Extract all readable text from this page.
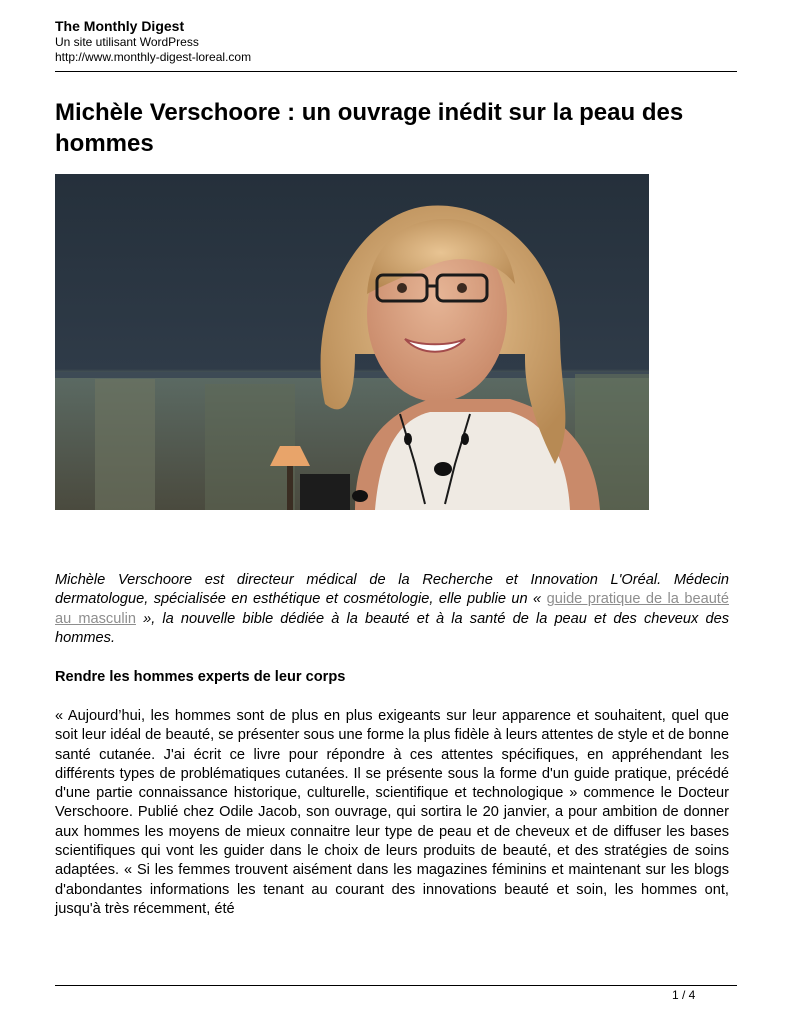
The Monthly Digest
Un site utilisant WordPress
http://www.monthly-digest-loreal.com
Michèle Verschoore : un ouvrage inédit sur la peau des hommes
Michèle Verschoore est directeur médical de la Recherche et Innovation L'Oréal. Médecin dermatologue, spécialisée en esthétique et cosmétologie, elle publie un « guide pratique de la beauté au masculin », la nouvelle bible dédiée à la beauté et à la santé de la peau et des cheveux des hommes.
Rendre les hommes experts de leur corps
« Aujourd’hui, les hommes sont de plus en plus exigeants sur leur apparence et souhaitent, quel que soit leur idéal de beauté, se présenter sous une forme la plus fidèle à leurs attentes de style et de bonne santé cutanée. J'ai écrit ce livre pour répondre à ces attentes spécifiques, en appréhendant les différents types de problématiques cutanées. Il se présente sous la forme d'un guide pratique, précédé d'une partie connaissance historique, culturelle, scientifique et technologique » commence le Docteur Verschoore. Publié chez Odile Jacob, son ouvrage, qui sortira le 20 janvier, a pour ambition de donner aux hommes les moyens de mieux connaitre leur type de peau et de cheveux et de diffuser les bases scientifiques qui vont les guider dans le choix de leurs produits de beauté, et des stratégies de soins adaptées. « Si les femmes trouvent aisément dans les magazines féminins et maintenant sur les blogs d'abondantes informations les tenant au courant des innovations beauté et soin, les hommes ont, jusqu'à très récemment, été
1 / 4
